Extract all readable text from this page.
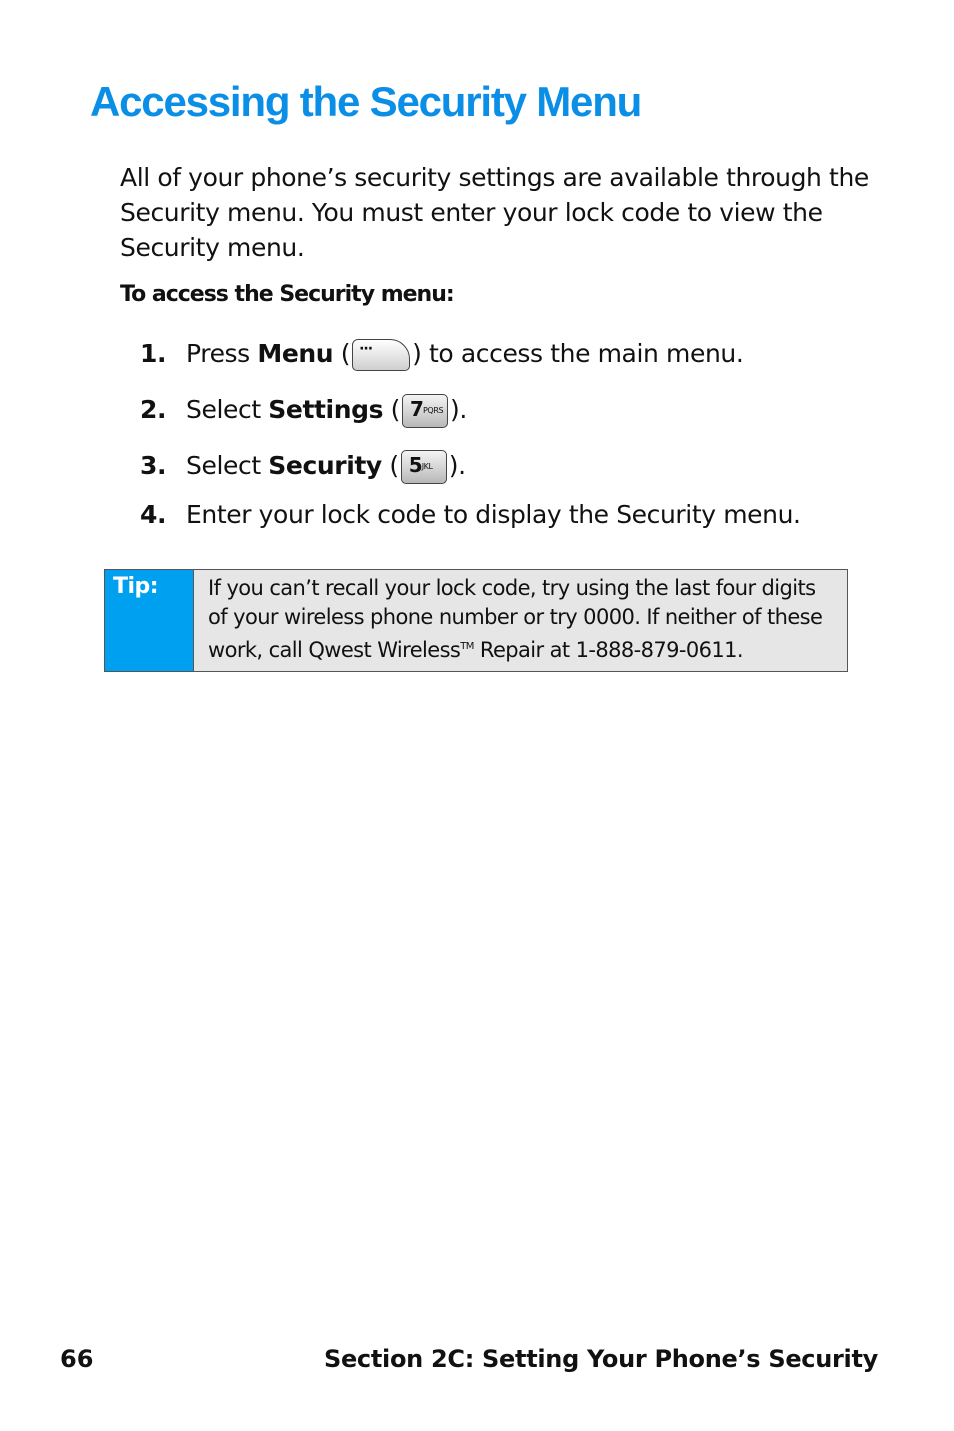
Accessing the Security Menu

All of your phone’s security settings are available through the Security menu. You must enter your lock code to view the Security menu.

To access the Security menu:

1. Press Menu ( ··· ) to access the main menu.
2. Select Settings ( 7 PQRS ).
3. Select Security ( 5 JKL ).
4. Enter your lock code to display the Security menu.
Tip:	If you can’t recall your lock code, try using the last four digits
of your wireless phone number or try 0000. If neither of these
work, call Qwest Wireless™ Repair at 1-888-879-0611.
66	Section 2C: Setting Your Phone’s Security
